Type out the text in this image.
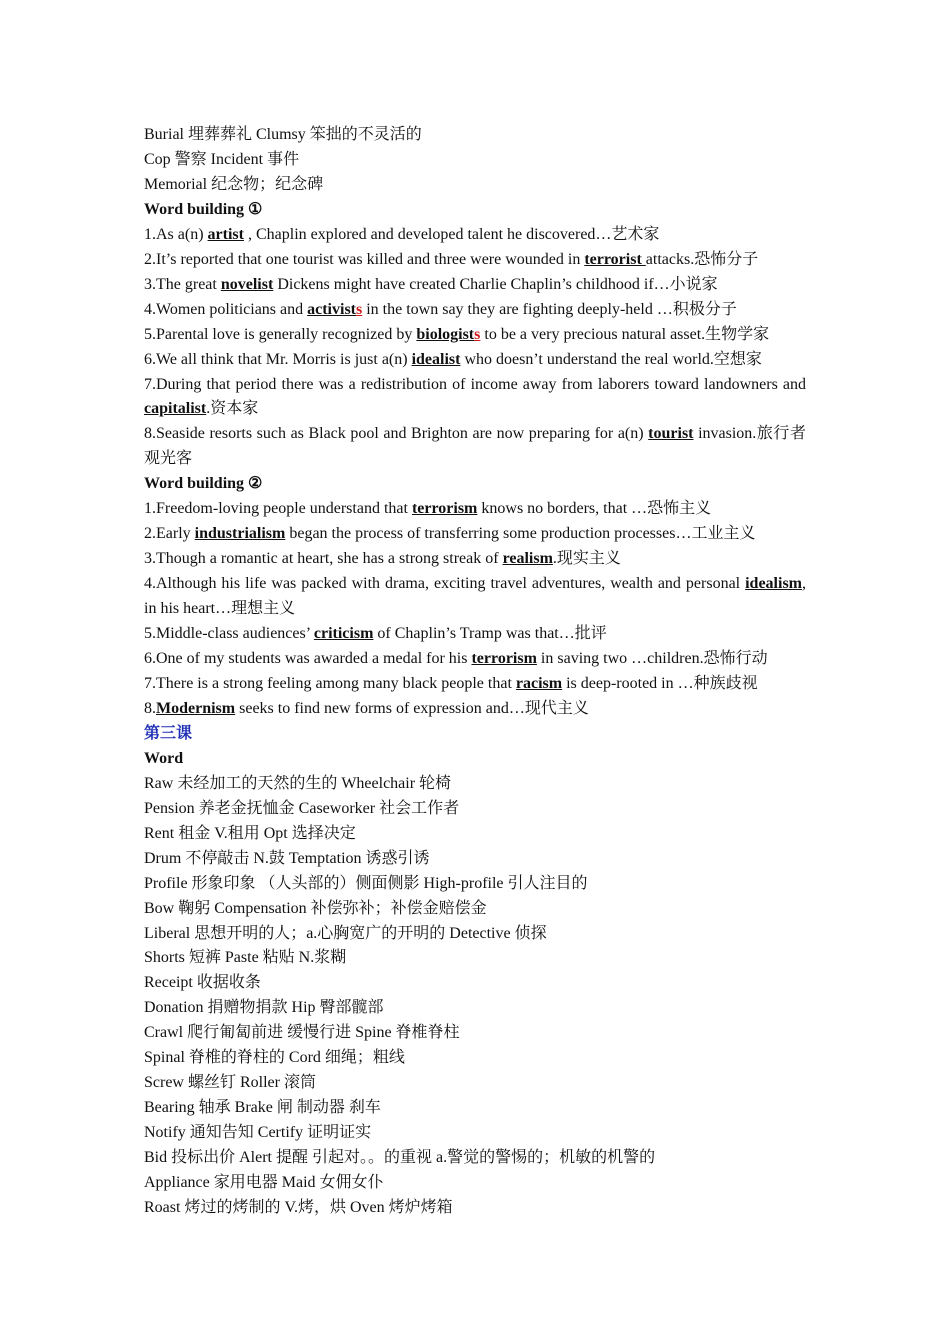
Burial 埋葬葬礼 Clumsy 笨拙的不灵活的

Cop 警察 Incident 事件

Memorial 纪念物；纪念碑

Word building ①

1.As a(n) artist , Chaplin explored and developed talent he discovered…艺术家

2.It’s reported that one tourist was killed and three were wounded in terrorist attacks.恐怖分子

3.The great novelist Dickens might have created Charlie Chaplin’s childhood if…小说家

4.Women politicians and activists in the town say they are fighting deeply-held …积极分子

5.Parental love is generally recognized by biologists to be a very precious natural asset.生物学家

6.We all think that Mr. Morris is just a(n) idealist who doesn’t understand the real world.空想家

7.During that period there was a redistribution of income away from laborers toward landowners and capitalist.资本家

8.Seaside resorts such as Black pool and Brighton are now preparing for a(n) tourist invasion.旅行者观光客

Word building ②

1.Freedom-loving people understand that terrorism knows no borders, that …恐怖主义

2.Early industrialism began the process of transferring some production processes…工业主义

3.Though a romantic at heart, she has a strong streak of realism.现实主义

4.Although his life was packed with drama, exciting travel adventures, wealth and personal idealism, in his heart…理想主义

5.Middle-class audiences’ criticism of Chaplin’s Tramp was that…批评

6.One of my students was awarded a medal for his terrorism in saving two …children.恐怖行动

7.There is a strong feeling among many black people that racism is deep-rooted in …种族歧视

8.Modernism seeks to find new forms of expression and…现代主义

第三课

Word

Raw 未经加工的天然的生的 Wheelchair 轮椅

Pension 养老金抚恤金 Caseworker 社会工作者

Rent 租金 V.租用 Opt 选择决定

Drum 不停敲击 N.鼓 Temptation 诱惑引诱

Profile 形象印象 （人头部的）侧面侧影 High-profile 引人注目的

Bow 鞠躬 Compensation 补偿弥补；补偿金赔偿金

Liberal 思想开明的人；a.心胸宽广的开明的 Detective 侦探

Shorts 短裤 Paste 粘贴 N.浆糊

Receipt 收据收条

Donation 捐赠物捐款 Hip 臀部髋部

Crawl 爬行匍匐前进 缓慢行进 Spine 脊椎脊柱

Spinal 脊椎的脊柱的 Cord 细绳；粗线

Screw 螺丝钉 Roller 滚筒

Bearing 轴承 Brake 闸 制动器 刹车

Notify 通知告知 Certify 证明证实

Bid 投标出价 Alert 提醒 引起对。。的重视 a.警觉的警惕的；机敏的机警的

Appliance 家用电器 Maid 女佣女仆

Roast 烤过的烤制的 V.烤，烘 Oven 烤炉烤箱
